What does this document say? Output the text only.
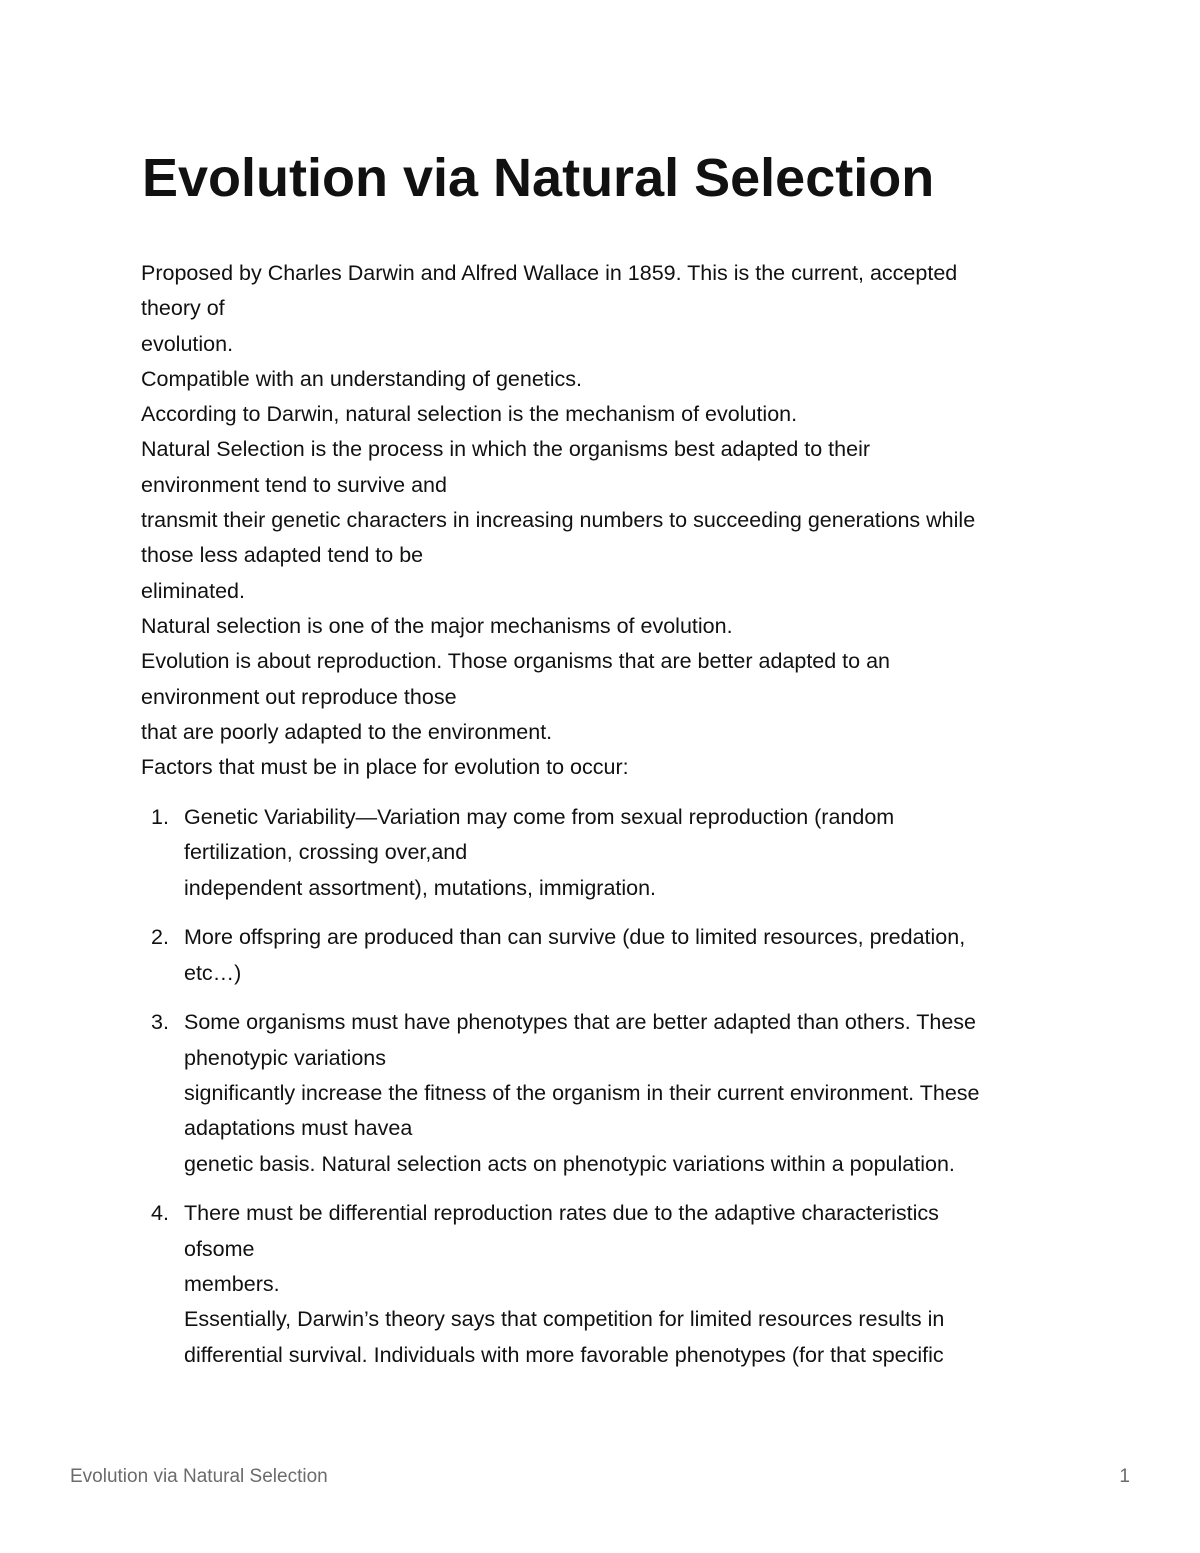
Evolution via Natural Selection
Proposed by Charles Darwin and Alfred Wallace in 1859. This is the current, accepted
theory of
evolution.
Compatible with an understanding of genetics.
According to Darwin, natural selection is the mechanism of evolution.
Natural Selection is the process in which the organisms best adapted to their
environment tend to survive and
transmit their genetic characters in increasing numbers to succeeding generations while
those less adapted tend to be
eliminated.
Natural selection is one of the major mechanisms of evolution.
Evolution is about reproduction. Those organisms that are better adapted to an
environment out reproduce those
that are poorly adapted to the environment.
Factors that must be in place for evolution to occur:
1. Genetic Variability—Variation may come from sexual reproduction (random
fertilization, crossing over,and
independent assortment), mutations, immigration.
2. More offspring are produced than can survive (due to limited resources, predation,
etc…)
3. Some organisms must have phenotypes that are better adapted than others. These
phenotypic variations
significantly increase the fitness of the organism in their current environment. These
adaptations must havea
genetic basis. Natural selection acts on phenotypic variations within a population.
4. There must be differential reproduction rates due to the adaptive characteristics
ofsome
members.
Essentially, Darwin’s theory says that competition for limited resources results in
differential survival. Individuals with more favorable phenotypes (for that specific
Evolution via Natural Selection	1
